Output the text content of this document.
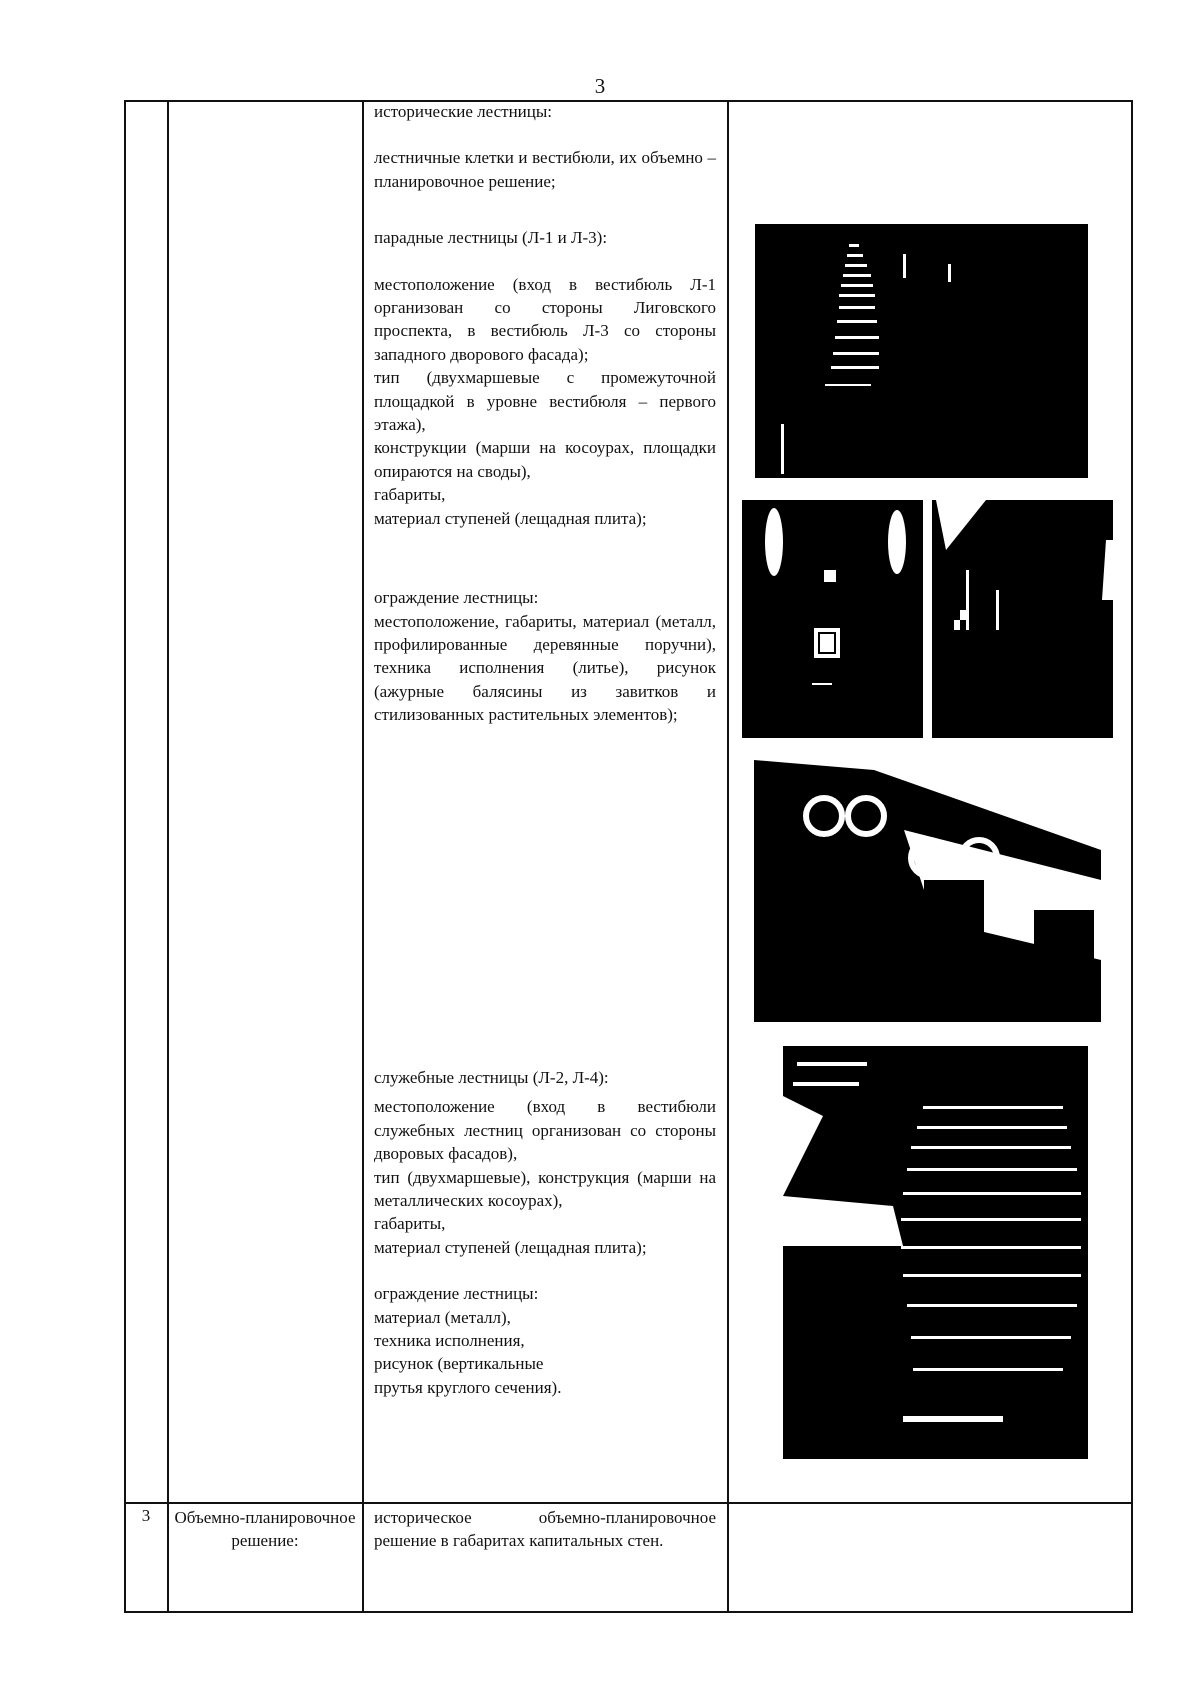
3

исторические лестницы:

лестничные клетки и вестибюли, их объемно – планировочное решение;

парадные лестницы (Л-1 и Л-3):

местоположение (вход в вестибюль Л-1 организован со стороны Лиговского проспекта, в вестибюль Л-3 со стороны западного дворового фасада);

тип (двухмаршевые с промежуточной площадкой в уровне вестибюля – первого этажа),

конструкции (марши на косоурах, площадки опираются на своды),

габариты,

материал ступеней (лещадная плита);

ограждение лестницы:

местоположение, габариты, материал (металл, профилированные деревянные поручни), техника исполнения (литье), рисунок (ажурные балясины из завитков и стилизованных растительных элементов);

служебные лестницы (Л-2, Л-4):

местоположение (вход в вестибюли служебных лестниц организован со стороны дворовых фасадов),

тип (двухмаршевые), конструкция (марши на металлических косоурах),

габариты,

материал ступеней (лещадная плита);

ограждение лестницы:

материал (металл),

техника исполнения,

рисунок (вертикальные

прутья круглого сечения).

3	Объемно-планировочное решение:

историческое объемно-планировочное решение в габаритах капитальных стен.
